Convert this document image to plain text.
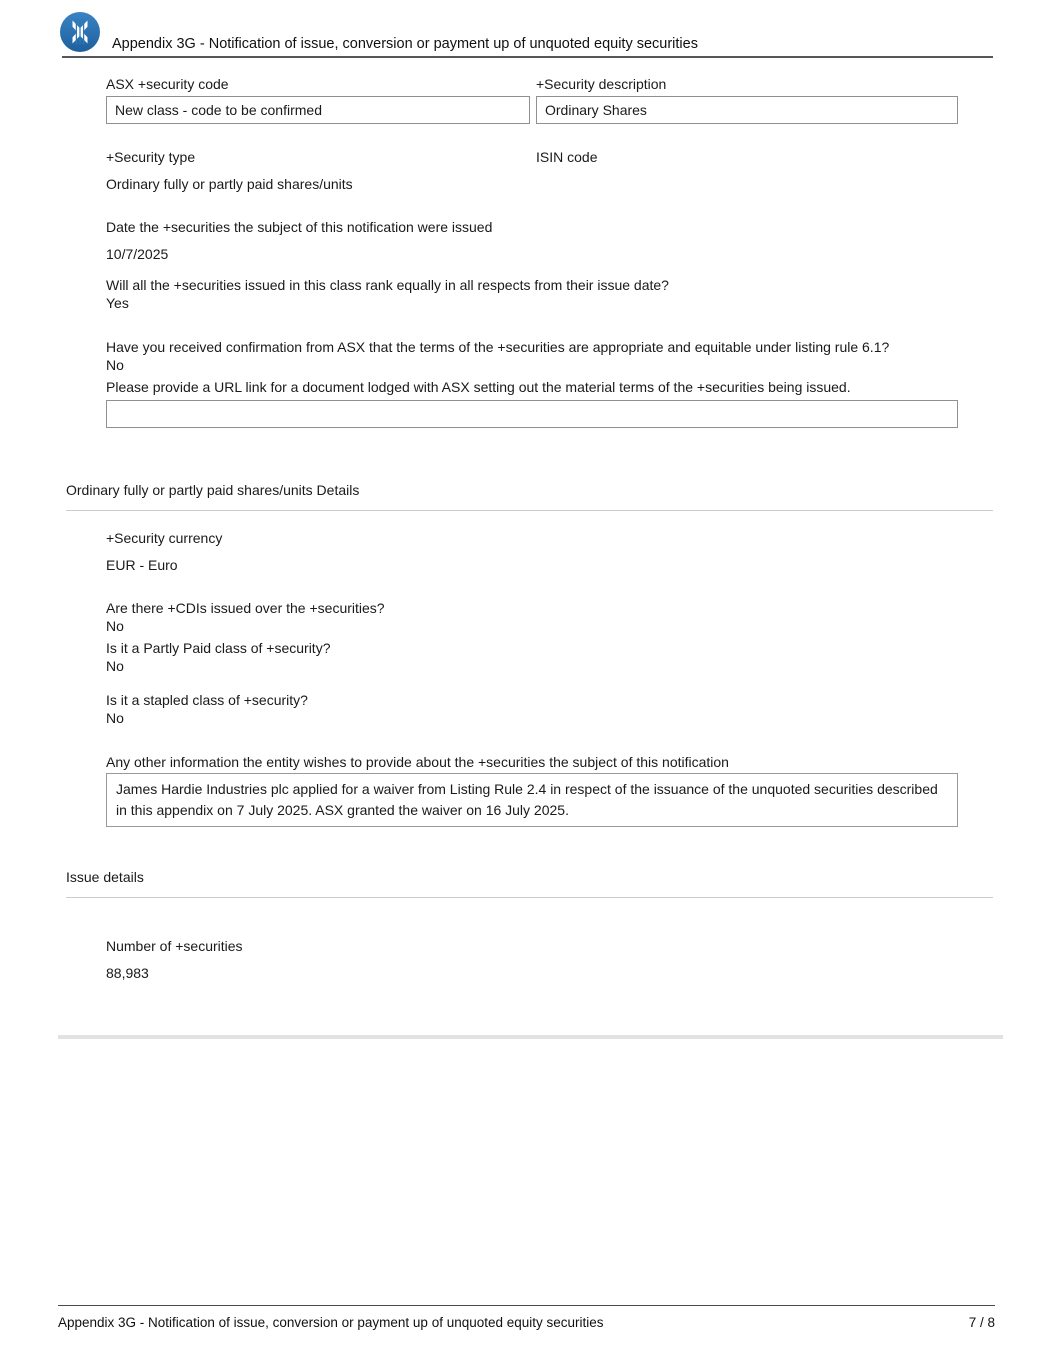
Appendix 3G - Notification of issue, conversion or payment up of unquoted equity securities
ASX +security code	+Security description
New class - code to be confirmed
Ordinary Shares
+Security type
Ordinary fully or partly paid shares/units
ISIN code
Date the +securities the subject of this notification were issued
10/7/2025
Will all the +securities issued in this class rank equally in all respects from their issue date?
Yes
Have you received confirmation from ASX that the terms of the +securities are appropriate and equitable under listing rule 6.1?
No
Please provide a URL link for a document lodged with ASX setting out the material terms of the +securities being issued.
Ordinary fully or partly paid shares/units Details
+Security currency
EUR - Euro
Are there +CDIs issued over the +securities?
No
Is it a Partly Paid class of +security?
No
Is it a stapled class of +security?
No
Any other information the entity wishes to provide about the +securities the subject of this notification
James Hardie Industries plc applied for a waiver from Listing Rule 2.4 in respect of the issuance of the unquoted securities described in this appendix on 7 July 2025. ASX granted the waiver on 16 July 2025.
Issue details
Number of +securities
88,983
Appendix 3G - Notification of issue, conversion or payment up of unquoted equity securities	7 / 8
